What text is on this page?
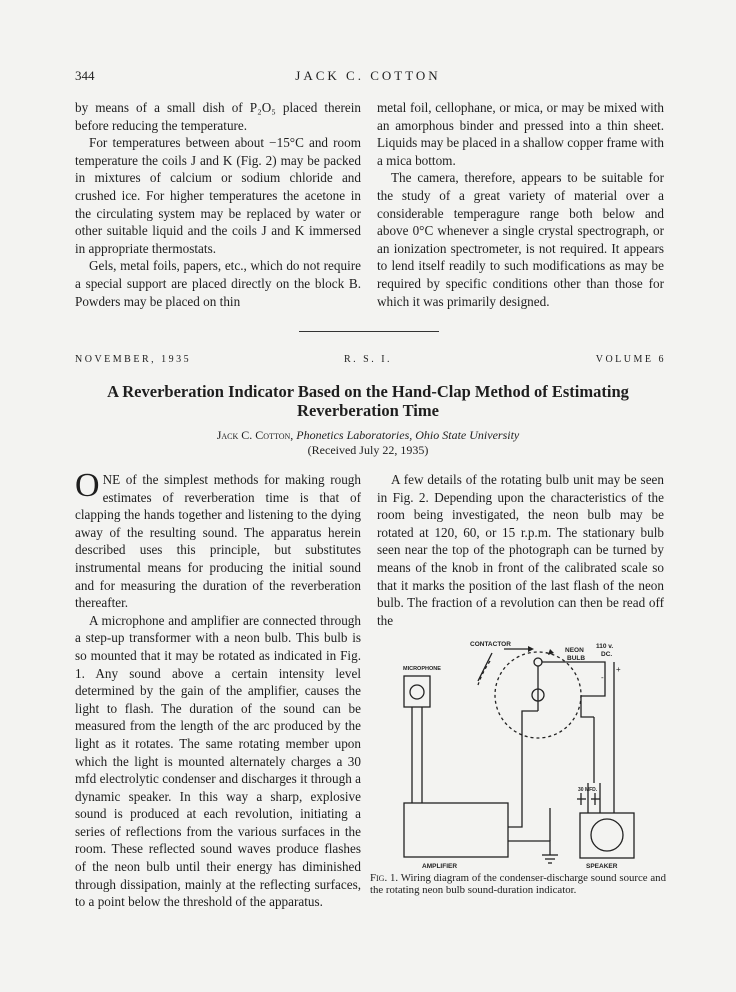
344	JACK C. COTTON

by means of a small dish of P₂O₅ placed therein before reducing the temperature.

For temperatures between about −15°C and room temperature the coils J and K (Fig. 2) may be packed in mixtures of calcium or sodium chloride and crushed ice. For higher temperatures the acetone in the circulating system may be replaced by water or other suitable liquid and the coils J and K immersed in appropriate thermostats.

Gels, metal foils, papers, etc., which do not require a special support are placed directly on the block B. Powders may be placed on thin

metal foil, cellophane, or mica, or may be mixed with an amorphous binder and pressed into a thin sheet. Liquids may be placed in a shallow copper frame with a mica bottom.

The camera, therefore, appears to be suitable for the study of a great variety of material over a considerable temperagure range both below and above 0°C whenever a single crystal spectrograph, or an ionization spectrometer, is not required. It appears to lend itself readily to such modifications as may be required by specific conditions other than those for which it was primarily designed.

NOVEMBER, 1935	R. S. I.	VOLUME 6
A Reverberation Indicator Based on the Hand-Clap Method of Estimating Reverberation Time
Jack C. Cotton, Phonetics Laboratories, Ohio State University
(Received July 22, 1935)

ONE of the simplest methods for making rough estimates of reverberation time is that of clapping the hands together and listening to the dying away of the resulting sound. The apparatus herein described uses this principle, but substitutes instrumental means for producing the initial sound and for measuring the duration of the reverberation thereafter.

A microphone and amplifier are connected through a step-up transformer with a neon bulb. This bulb is so mounted that it may be rotated as indicated in Fig. 1. Any sound above a certain intensity level determined by the gain of the amplifier, causes the light to flash. The duration of the sound can be measured from the length of the arc produced by the light as it rotates. The same rotating member upon which the light is mounted alternately charges a 30 mfd electrolytic condenser and discharges it through a dynamic speaker. In this way a sharp, explosive sound is produced at each revolution, initiating a series of reflections from the various surfaces in the room. These reflected sound waves produce flashes of the neon bulb until their energy has diminished through dissipation, mainly at the reflecting surfaces, to a point below the threshold of the apparatus.

A few details of the rotating bulb unit may be seen in Fig. 2. Depending upon the characteristics of the room being investigated, the neon bulb may be rotated at 120, 60, or 15 r.p.m. The stationary bulb seen near the top of the photograph can be turned by means of the knob in front of the calibrated scale so that it marks the position of the last flash of the neon bulb. The fraction of a revolution can then be read off the

-
+
CONTACTOR
NEON
BULB
110 v.
DC.
MICROPHONE
30 MFD.
AMPLIFIER	SPEAKER
Fig. 1. Wiring diagram of the condenser-discharge sound source and the rotating neon bulb sound-duration indicator.
